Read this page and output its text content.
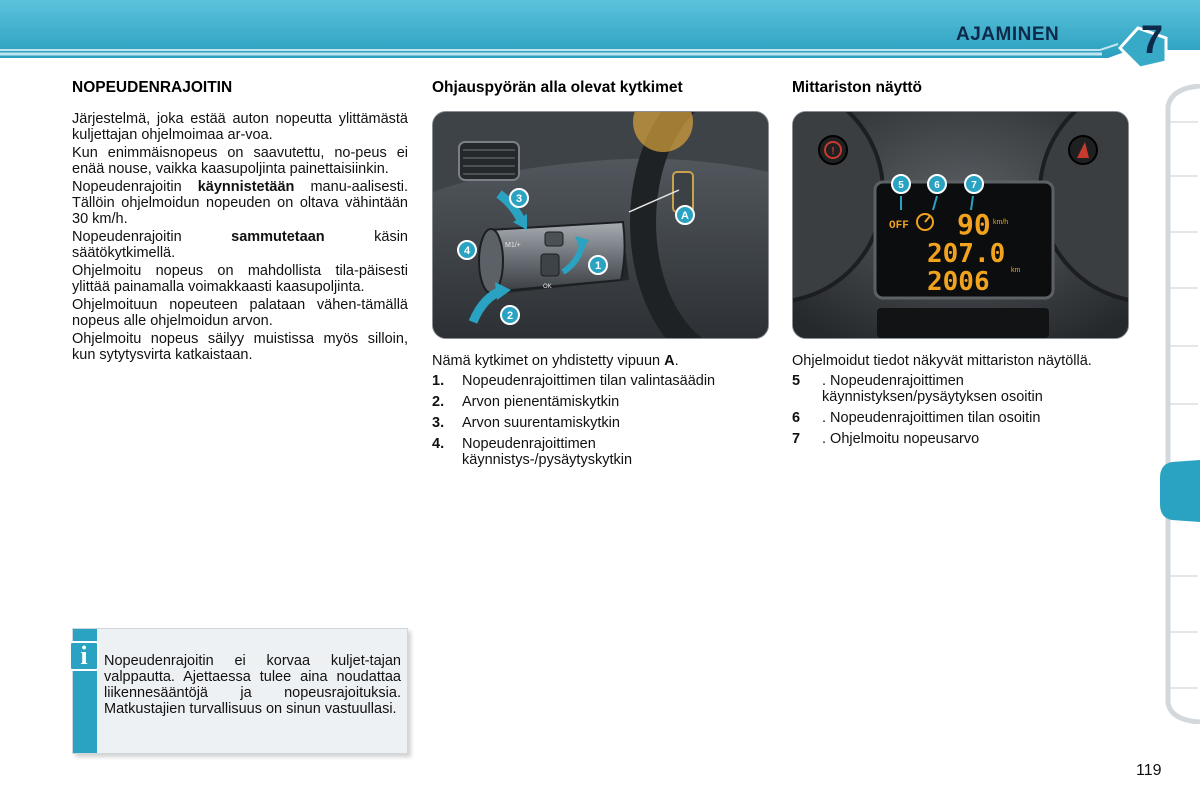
AJAMINEN 7
NOPEUDENRAJOITIN

Järjestelmä, joka estää auton nopeutta ylittämästä kuljettajan ohjelmoimaa ar-voa.

Kun enimmäisnopeus on saavutettu, no-peus ei enää nouse, vaikka kaasupoljinta painettaisiinkin.

Nopeudenrajoitin käynnistetään manu-aalisesti. Tällöin ohjelmoidun nopeuden on oltava vähintään 30 km/h.

Nopeudenrajoitin sammutetaan käsin säätökytkimellä.

Ohjelmoitu nopeus on mahdollista tila-päisesti ylittää painamalla voimakkaasti kaasupoljinta.

Ohjelmoituun nopeuteen palataan vähen-tämällä nopeus alle ohjelmoidun arvon.

Ohjelmoitu nopeus säilyy muistissa myös silloin, kun sytytysvirta katkaistaan.

Ohjauspyörän alla olevat kytkimet
M1/+
OK
3
4
1
2
A

Nämä kytkimet on yhdistetty vipuun A.

1. Nopeudenrajoittimen tilan valintasäädin
2. Arvon pienentämiskytkin
3. Arvon suurentamiskytkin
4. Nopeudenrajoittimen käynnistys-/pysäytyskytkin
Mittariston näyttö
!
5	6	7
OFF 90 km/h
207.0
2006	km

Ohjelmoidut tiedot näkyvät mittariston näytöllä.

5 . Nopeudenrajoittimen käynnistyksen/pysäytyksen osoitin
6 . Nopeudenrajoittimen tilan osoitin
7 . Ohjelmoitu nopeusarvo
i	Nopeudenrajoitin ei korvaa kuljet-tajan valppautta. Ajettaessa tulee aina noudattaa liikennesääntöjä ja nopeusrajoituksia. Matkustajien turvallisuus on sinun vastuullasi.
119
